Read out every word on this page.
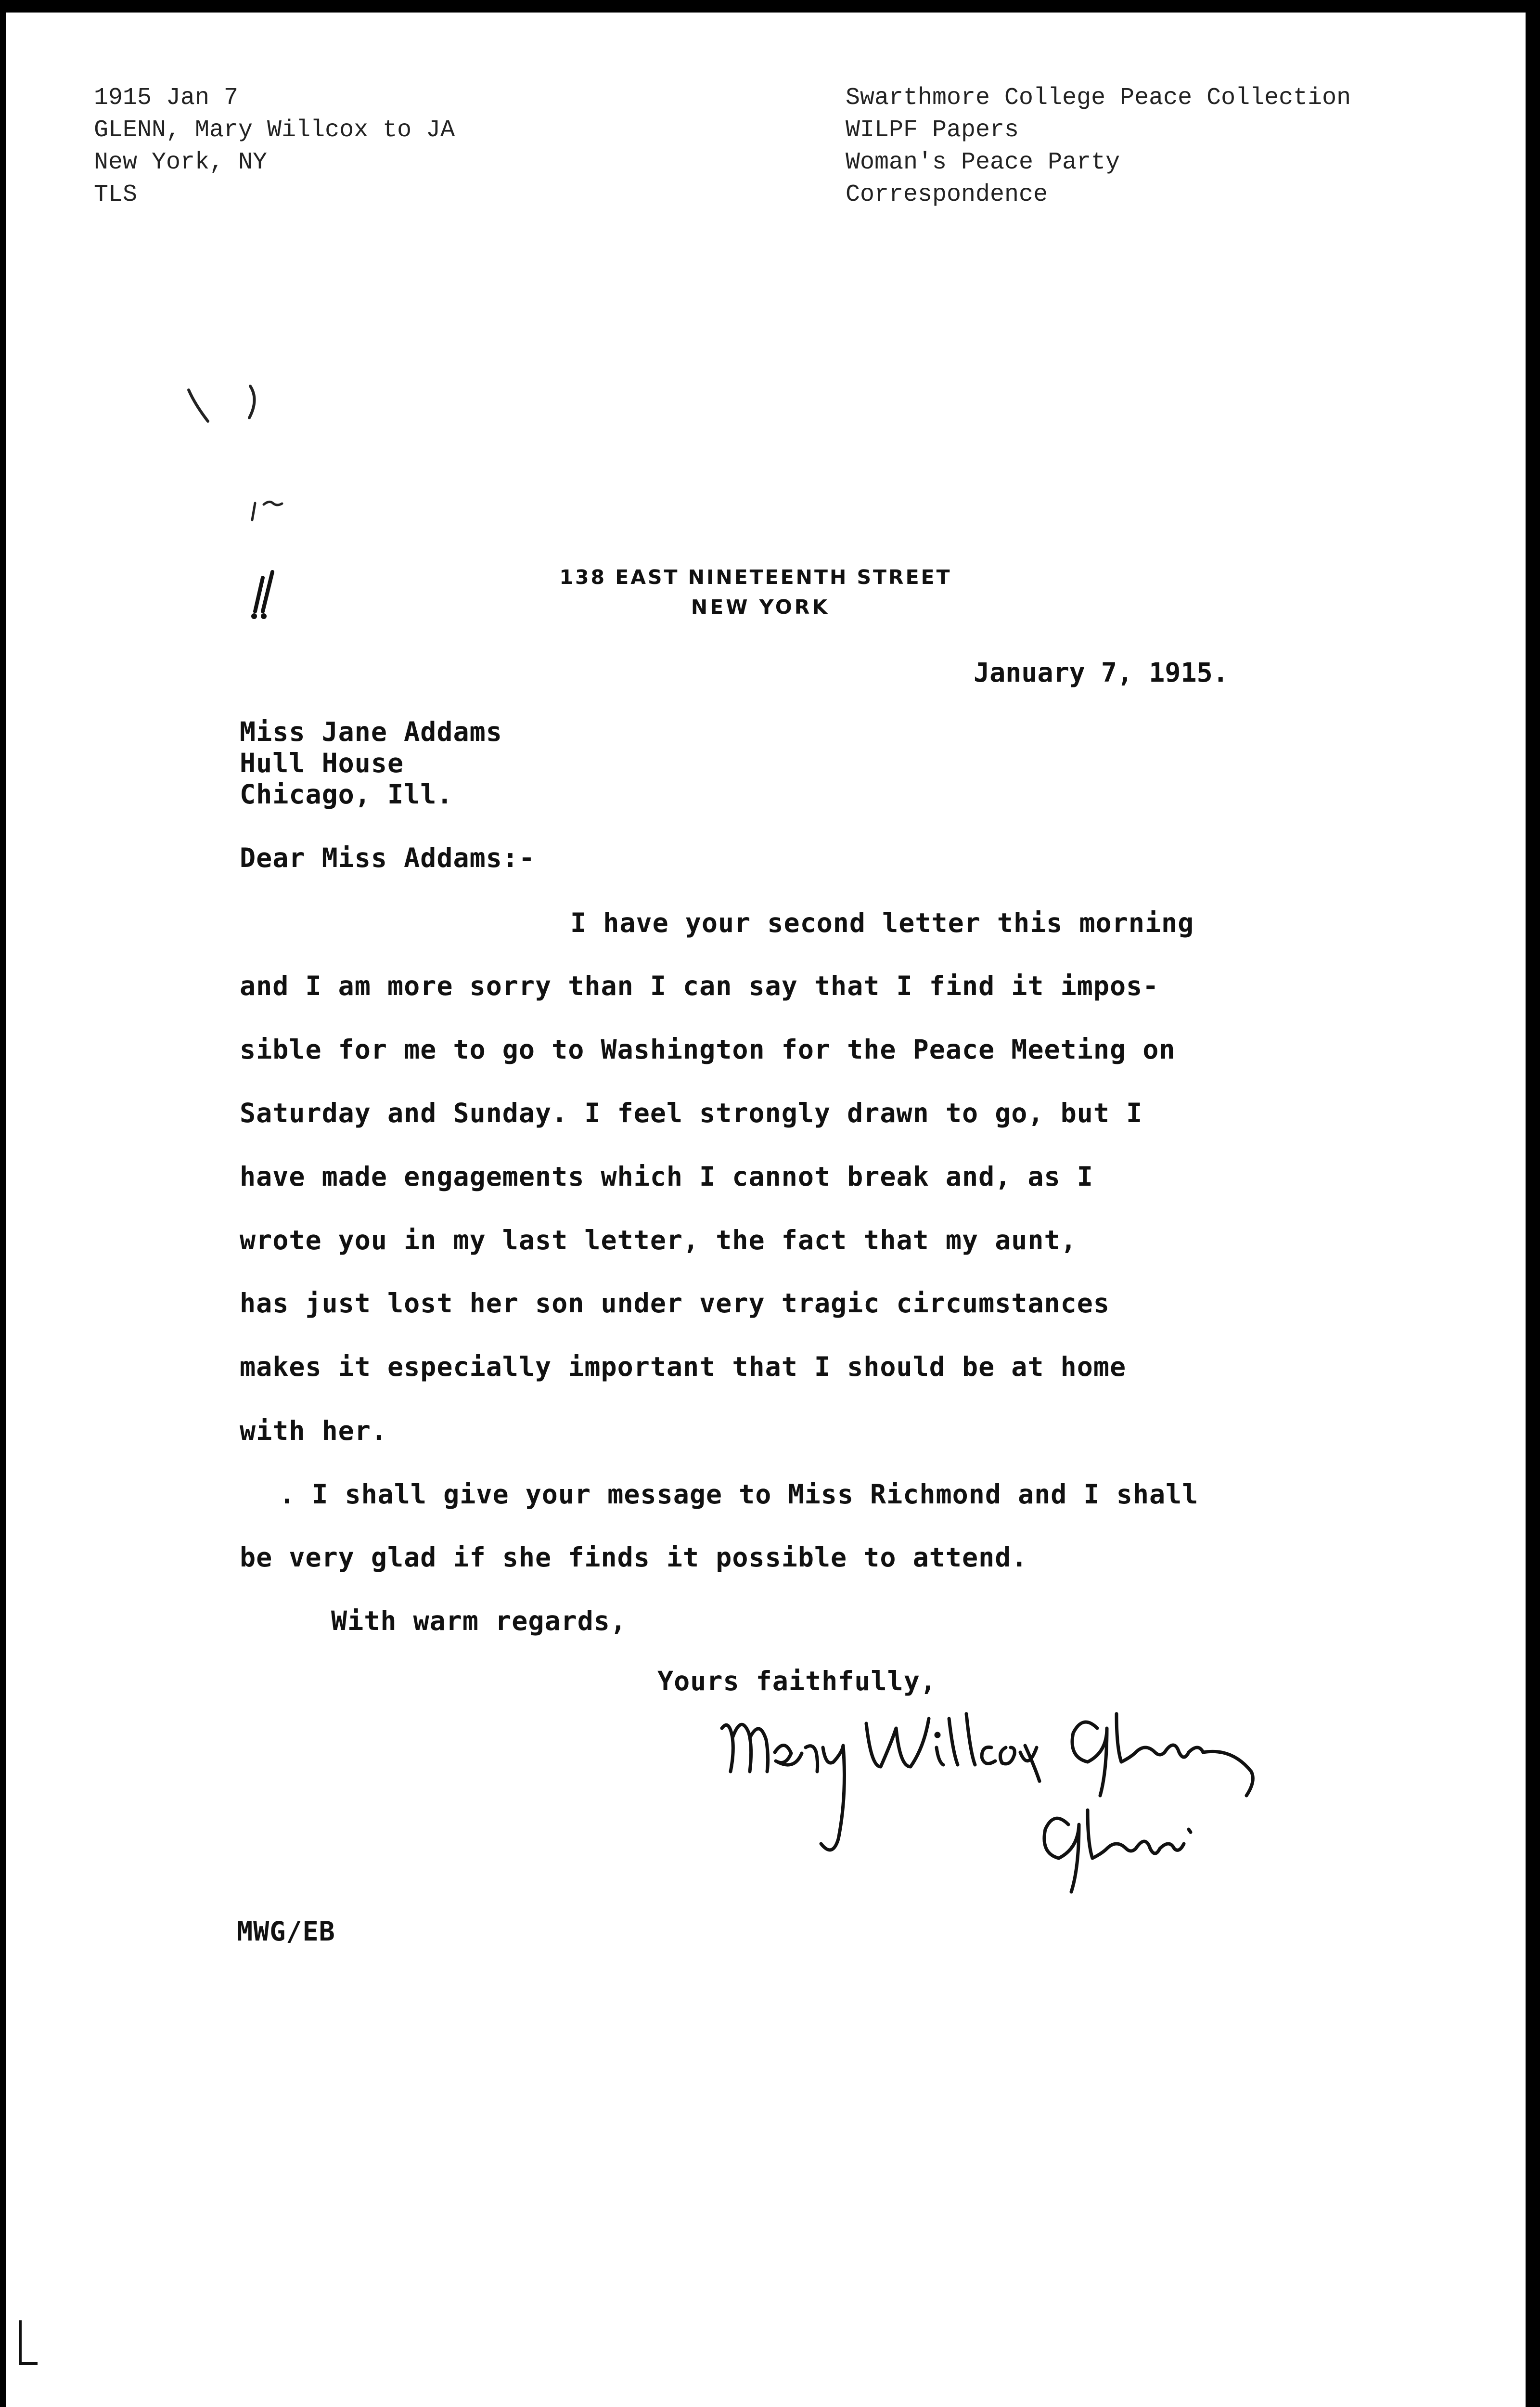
1915 Jan 7
GLENN, Mary Willcox to JA
New York, NY
TLS
Swarthmore College Peace Collection
WILPF Papers
Woman's Peace Party
Correspondence
138 EAST NINETEENTH STREET
NEW YORK
January 7, 1915.
Miss Jane Addams
Hull House
Chicago, Ill.
Dear Miss Addams:-
I have your second letter this morning
and I am more sorry than I can say that I find it impos-
sible for me to go to Washington for the Peace Meeting on
Saturday and Sunday. I feel strongly drawn to go, but I
have made engagements which I cannot break and, as I
wrote you in my last letter, the fact that my aunt,
has just lost her son under very tragic circumstances
makes it especially important that I should be at home
with her.
. I shall give your message to Miss Richmond and I shall
be very glad if she finds it possible to attend.
With warm regards,
Yours faithfully,
MWG/EB
